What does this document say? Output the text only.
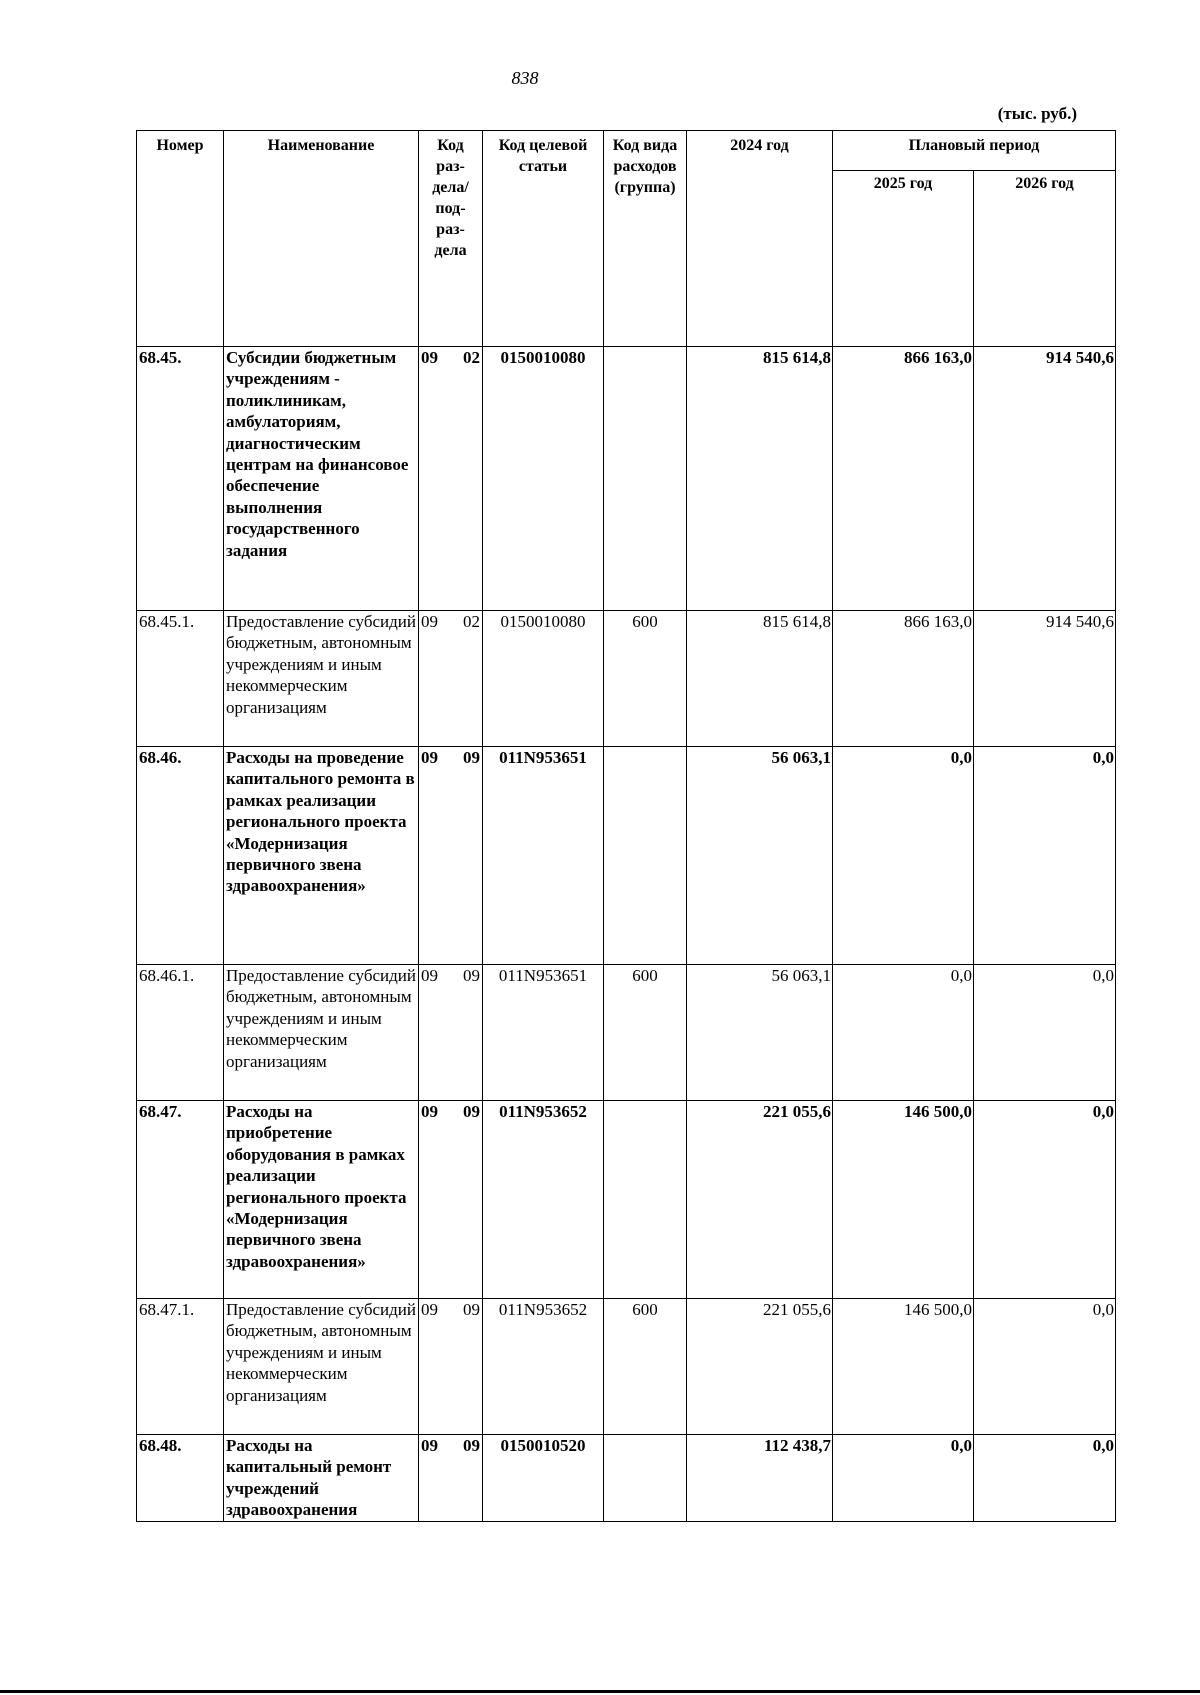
838
(тыс. руб.)
Номер	Наименование	Код раз-дела/ под-раз-дела	Код целевой статьи	Код вида расходов (группа)	2024 год	Плановый период	
						2025 год	2026 год
68.45.	Субсидии бюджетным учреждениям - поликлиникам, амбулаториям, диагностическим центрам на финансовое обеспечение выполнения государственного задания	09 02	0150010080		815 614,8	866 163,0	914 540,6
68.45.1.	Предоставление субсидий бюджетным, автономным учреждениям и иным некоммерческим организациям	09 02	0150010080	600	815 614,8	866 163,0	914 540,6
68.46.	Расходы на проведение капитального ремонта в рамках реализации регионального проекта «Модернизация первичного звена здравоохранения»	09 09	011N953651		56 063,1	0,0	0,0
68.46.1.	Предоставление субсидий бюджетным, автономным учреждениям и иным некоммерческим организациям	09 09	011N953651	600	56 063,1	0,0	0,0
68.47.	Расходы на приобретение оборудования в рамках реализации регионального проекта «Модернизация первичного звена здравоохранения»	09 09	011N953652		221 055,6	146 500,0	0,0
68.47.1.	Предоставление субсидий бюджетным, автономным учреждениям и иным некоммерческим организациям	09 09	011N953652	600	221 055,6	146 500,0	0,0
68.48.	Расходы на капитальный ремонт учреждений здравоохранения	09 09	0150010520		112 438,7	0,0	0,0
